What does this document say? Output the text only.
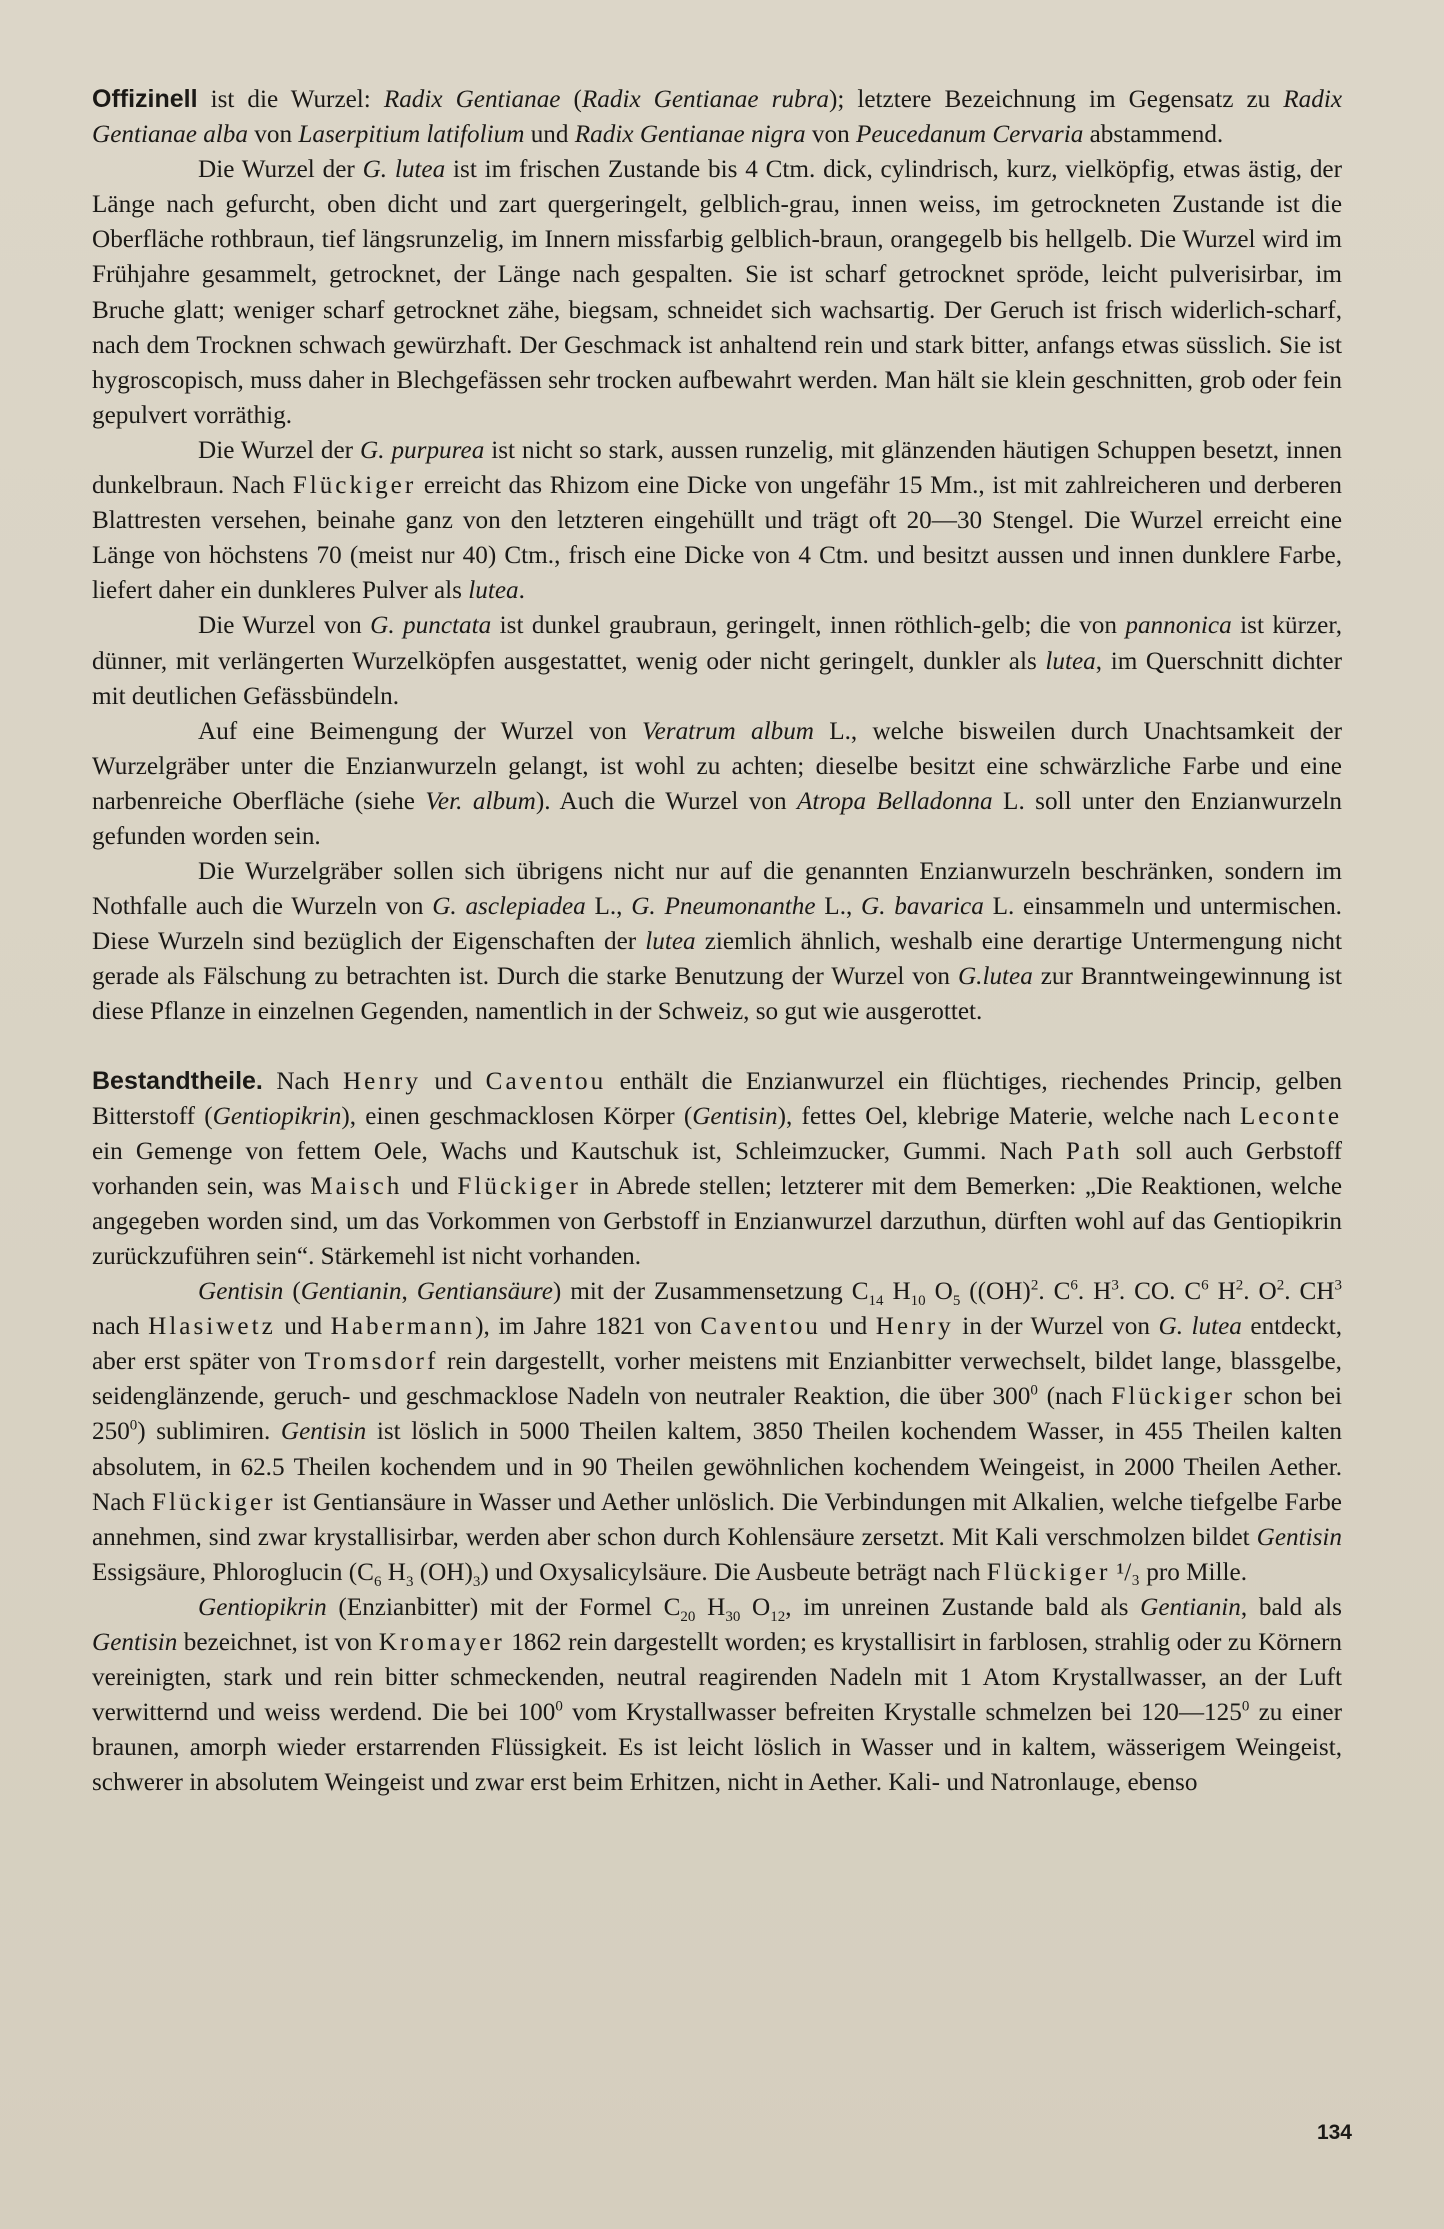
Offizinell ist die Wurzel: Radix Gentianae (Radix Gentianae rubra); letztere Bezeichnung im Gegensatz zu Radix Gentianae alba von Laserpitium latifolium und Radix Gentianae nigra von Peucedanum Cervaria abstammend.

Die Wurzel der G. lutea ist im frischen Zustande bis 4 Ctm. dick, cylindrisch, kurz, vielköpfig, etwas ästig, der Länge nach gefurcht, oben dicht und zart quergeringelt, gelblich-grau, innen weiss, im getrockneten Zustande ist die Oberfläche rothbraun, tief längsrunzelig, im Innern missfarbig gelblich-braun, orangegelb bis hellgelb. Die Wurzel wird im Frühjahre gesammelt, getrocknet, der Länge nach gespalten. Sie ist scharf getrocknet spröde, leicht pulverisirbar, im Bruche glatt; weniger scharf getrocknet zähe, biegsam, schneidet sich wachsartig. Der Geruch ist frisch widerlich-scharf, nach dem Trocknen schwach gewürzhaft. Der Geschmack ist anhaltend rein und stark bitter, anfangs etwas süsslich. Sie ist hygroscopisch, muss daher in Blechgefässen sehr trocken aufbewahrt werden. Man hält sie klein geschnitten, grob oder fein gepulvert vorräthig.

Die Wurzel der G. purpurea ist nicht so stark, aussen runzelig, mit glänzenden häutigen Schuppen besetzt, innen dunkelbraun. Nach Flückiger erreicht das Rhizom eine Dicke von ungefähr 15 Mm., ist mit zahlreicheren und derberen Blattresten versehen, beinahe ganz von den letzteren eingehüllt und trägt oft 20—30 Stengel. Die Wurzel erreicht eine Länge von höchstens 70 (meist nur 40) Ctm., frisch eine Dicke von 4 Ctm. und besitzt aussen und innen dunklere Farbe, liefert daher ein dunkleres Pulver als lutea.

Die Wurzel von G. punctata ist dunkel graubraun, geringelt, innen röthlich-gelb; die von pannonica ist kürzer, dünner, mit verlängerten Wurzelköpfen ausgestattet, wenig oder nicht geringelt, dunkler als lutea, im Querschnitt dichter mit deutlichen Gefässbündeln.

Auf eine Beimengung der Wurzel von Veratrum album L., welche bisweilen durch Unachtsamkeit der Wurzelgräber unter die Enzianwurzeln gelangt, ist wohl zu achten; dieselbe besitzt eine schwärzliche Farbe und eine narbenreiche Oberfläche (siehe Ver. album). Auch die Wurzel von Atropa Belladonna L. soll unter den Enzianwurzeln gefunden worden sein.

Die Wurzelgräber sollen sich übrigens nicht nur auf die genannten Enzianwurzeln beschränken, sondern im Nothfalle auch die Wurzeln von G. asclepiadea L., G. Pneumonanthe L., G. bavarica L. einsammeln und untermischen. Diese Wurzeln sind bezüglich der Eigenschaften der lutea ziemlich ähnlich, weshalb eine derartige Untermengung nicht gerade als Fälschung zu betrachten ist. Durch die starke Benutzung der Wurzel von G.lutea zur Branntweingewinnung ist diese Pflanze in einzelnen Gegenden, namentlich in der Schweiz, so gut wie ausgerottet.

Bestandtheile. Nach Henry und Caventou enthält die Enzianwurzel ein flüchtiges, riechendes Princip, gelben Bitterstoff (Gentiopikrin), einen geschmacklosen Körper (Gentisin), fettes Oel, klebrige Materie, welche nach Leconte ein Gemenge von fettem Oele, Wachs und Kautschuk ist, Schleimzucker, Gummi. Nach Path soll auch Gerbstoff vorhanden sein, was Maisch und Flückiger in Abrede stellen; letzterer mit dem Bemerken: „Die Reaktionen, welche angegeben worden sind, um das Vorkommen von Gerbstoff in Enzianwurzel darzuthun, dürften wohl auf das Gentiopikrin zurückzuführen sein“. Stärkemehl ist nicht vorhanden.

Gentisin (Gentianin, Gentiansäure) mit der Zusammensetzung $C_{14}$ $H_{10}$ $O_5$ ((OH)$^2$. $C^6$. $H^3$. CO. $C^6$ $H^2$. $O^2$. $CH^3$ nach Hlasiwetz und Habermann), im Jahre 1821 von Caventou und Henry in der Wurzel von G. lutea entdeckt, aber erst später von Tromsdorf rein dargestellt, vorher meistens mit Enzianbitter verwechselt, bildet lange, blassgelbe, seidenglänzende, geruch- und geschmacklose Nadeln von neutraler Reaktion, die über $300^0$ (nach Flückiger schon bei $250^0$) sublimiren. Gentisin ist löslich in 5000 Theilen kaltem, 3850 Theilen kochendem Wasser, in 455 Theilen kalten absolutem, in 62.5 Theilen kochendem und in 90 Theilen gewöhnlichen kochendem Weingeist, in 2000 Theilen Aether. Nach Flückiger ist Gentiansäure in Wasser und Aether unlöslich. Die Verbindungen mit Alkalien, welche tiefgelbe Farbe annehmen, sind zwar krystallisirbar, werden aber schon durch Kohlensäure zersetzt. Mit Kali verschmolzen bildet Gentisin Essigsäure, Phloroglucin ($C_6$ $H_3$ $(OH)_3$) und Oxysalicylsäure. Die Ausbeute beträgt nach Flückiger ¹/₃ pro Mille.

Gentiopikrin (Enzianbitter) mit der Formel $C_{20}$ $H_{30}$ $O_{12}$, im unreinen Zustande bald als Gentianin, bald als Gentisin bezeichnet, ist von Kromayer 1862 rein dargestellt worden; es krystallisirt in farblosen, strahlig oder zu Körnern vereinigten, stark und rein bitter schmeckenden, neutral reagirenden Nadeln mit 1 Atom Krystallwasser, an der Luft verwitternd und weiss werdend. Die bei $100^0$ vom Krystallwasser befreiten Krystalle schmelzen bei $120—125^0$ zu einer braunen, amorph wieder erstarrenden Flüssigkeit. Es ist leicht löslich in Wasser und in kaltem, wässerigem Weingeist, schwerer in absolutem Weingeist und zwar erst beim Erhitzen, nicht in Aether. Kali- und Natronlauge, ebenso

134
